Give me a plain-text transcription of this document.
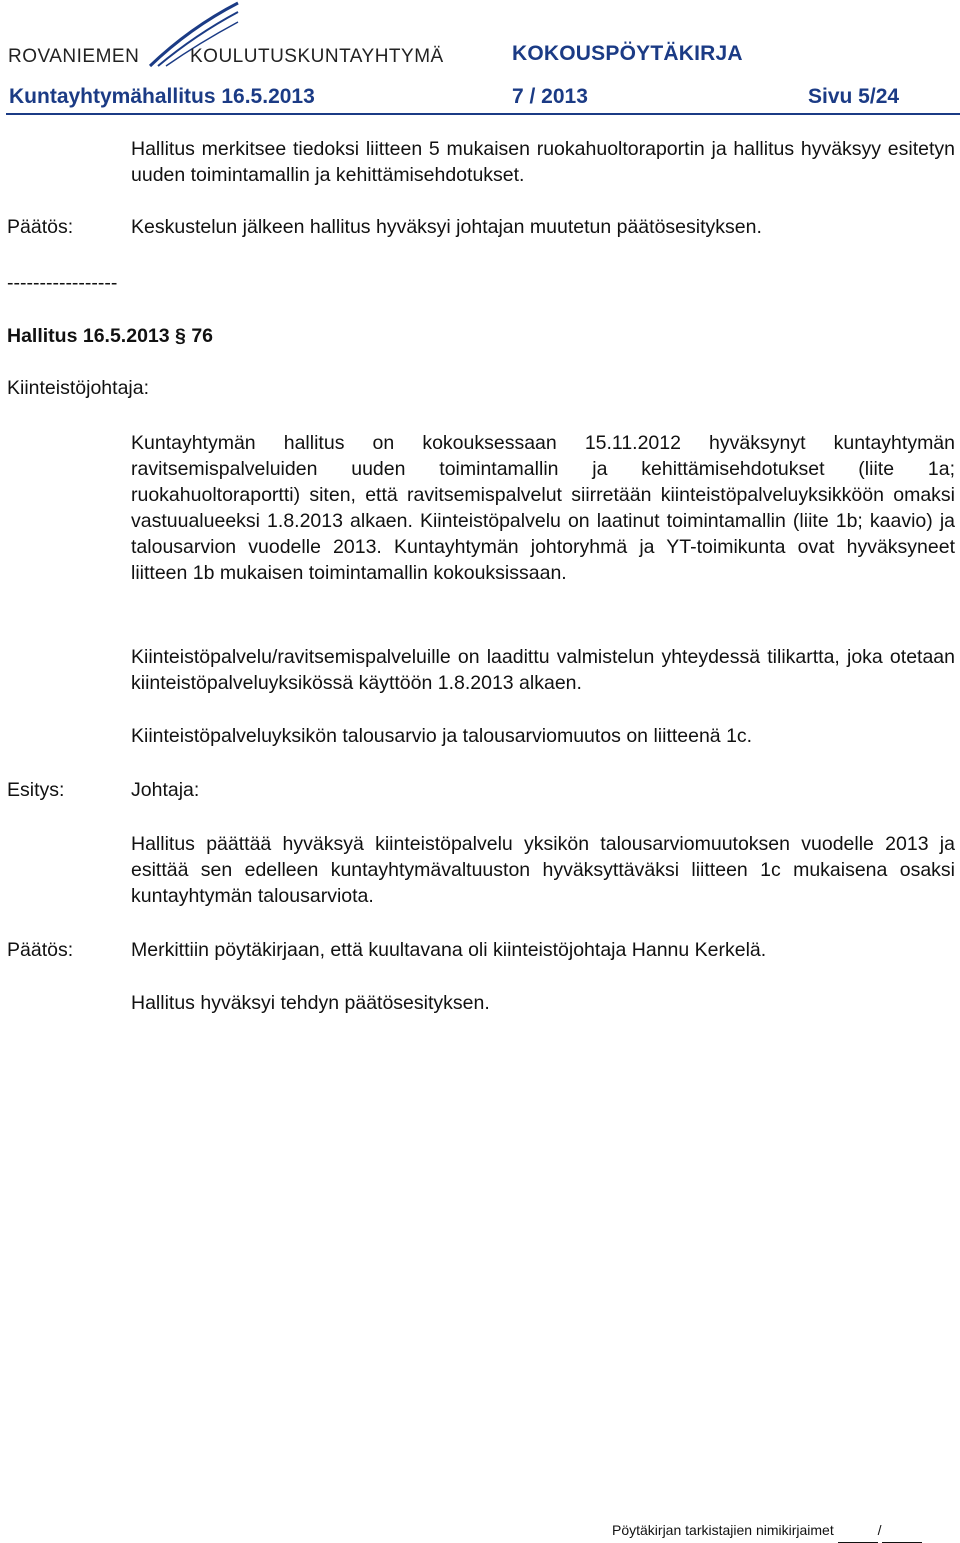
ROVANIEMEN	KOULUTUSKUNTAYHTYMÄ	KOKOUSPÖYTÄKIRJA
Kuntayhtymähallitus 16.5.2013	7 / 2013	Sivu 5/24
Hallitus merkitsee tiedoksi liitteen 5 mukaisen ruokahuoltoraportin ja hallitus hyväksyy esitetyn uuden toimintamallin ja kehittämisehdotukset.
Päätös:	Keskustelun jälkeen hallitus hyväksyi johtajan muutetun päätösesityksen.
-----------------
Hallitus 16.5.2013 § 76
Kiinteistöjohtaja:
Kuntayhtymän hallitus on kokouksessaan 15.11.2012 hyväksynyt kuntayhtymän ravitsemispalveluiden uuden toimintamallin ja kehittämisehdotukset (liite 1a; ruokahuoltoraportti) siten, että ravitsemispalvelut siirretään kiinteistöpalveluyksikköön omaksi vastuualueeksi 1.8.2013 alkaen. Kiinteistöpalvelu on laatinut toimintamallin (liite 1b; kaavio) ja talousarvion vuodelle 2013. Kuntayhtymän johtoryhmä ja YT-toimikunta ovat hyväksyneet liitteen 1b mukaisen toimintamallin kokouksissaan.
Kiinteistöpalvelu/ravitsemispalveluille on laadittu valmistelun yhteydessä tilikartta, joka otetaan kiinteistöpalveluyksikössä käyttöön 1.8.2013 alkaen.
Kiinteistöpalveluyksikön talousarvio ja talousarviomuutos on liitteenä 1c.
Esitys:	Johtaja:
Hallitus päättää hyväksyä kiinteistöpalvelu yksikön talousarviomuutoksen vuodelle 2013 ja esittää sen edelleen kuntayhtymävaltuuston hyväksyttäväksi liitteen 1c mukaisena osaksi kuntayhtymän talousarviota.
Päätös:	Merkittiin pöytäkirjaan, että kuultavana oli kiinteistöjohtaja Hannu Kerkelä.
Hallitus hyväksyi tehdyn päätösesityksen.
Pöytäkirjan tarkistajien nimikirjaimet	/
